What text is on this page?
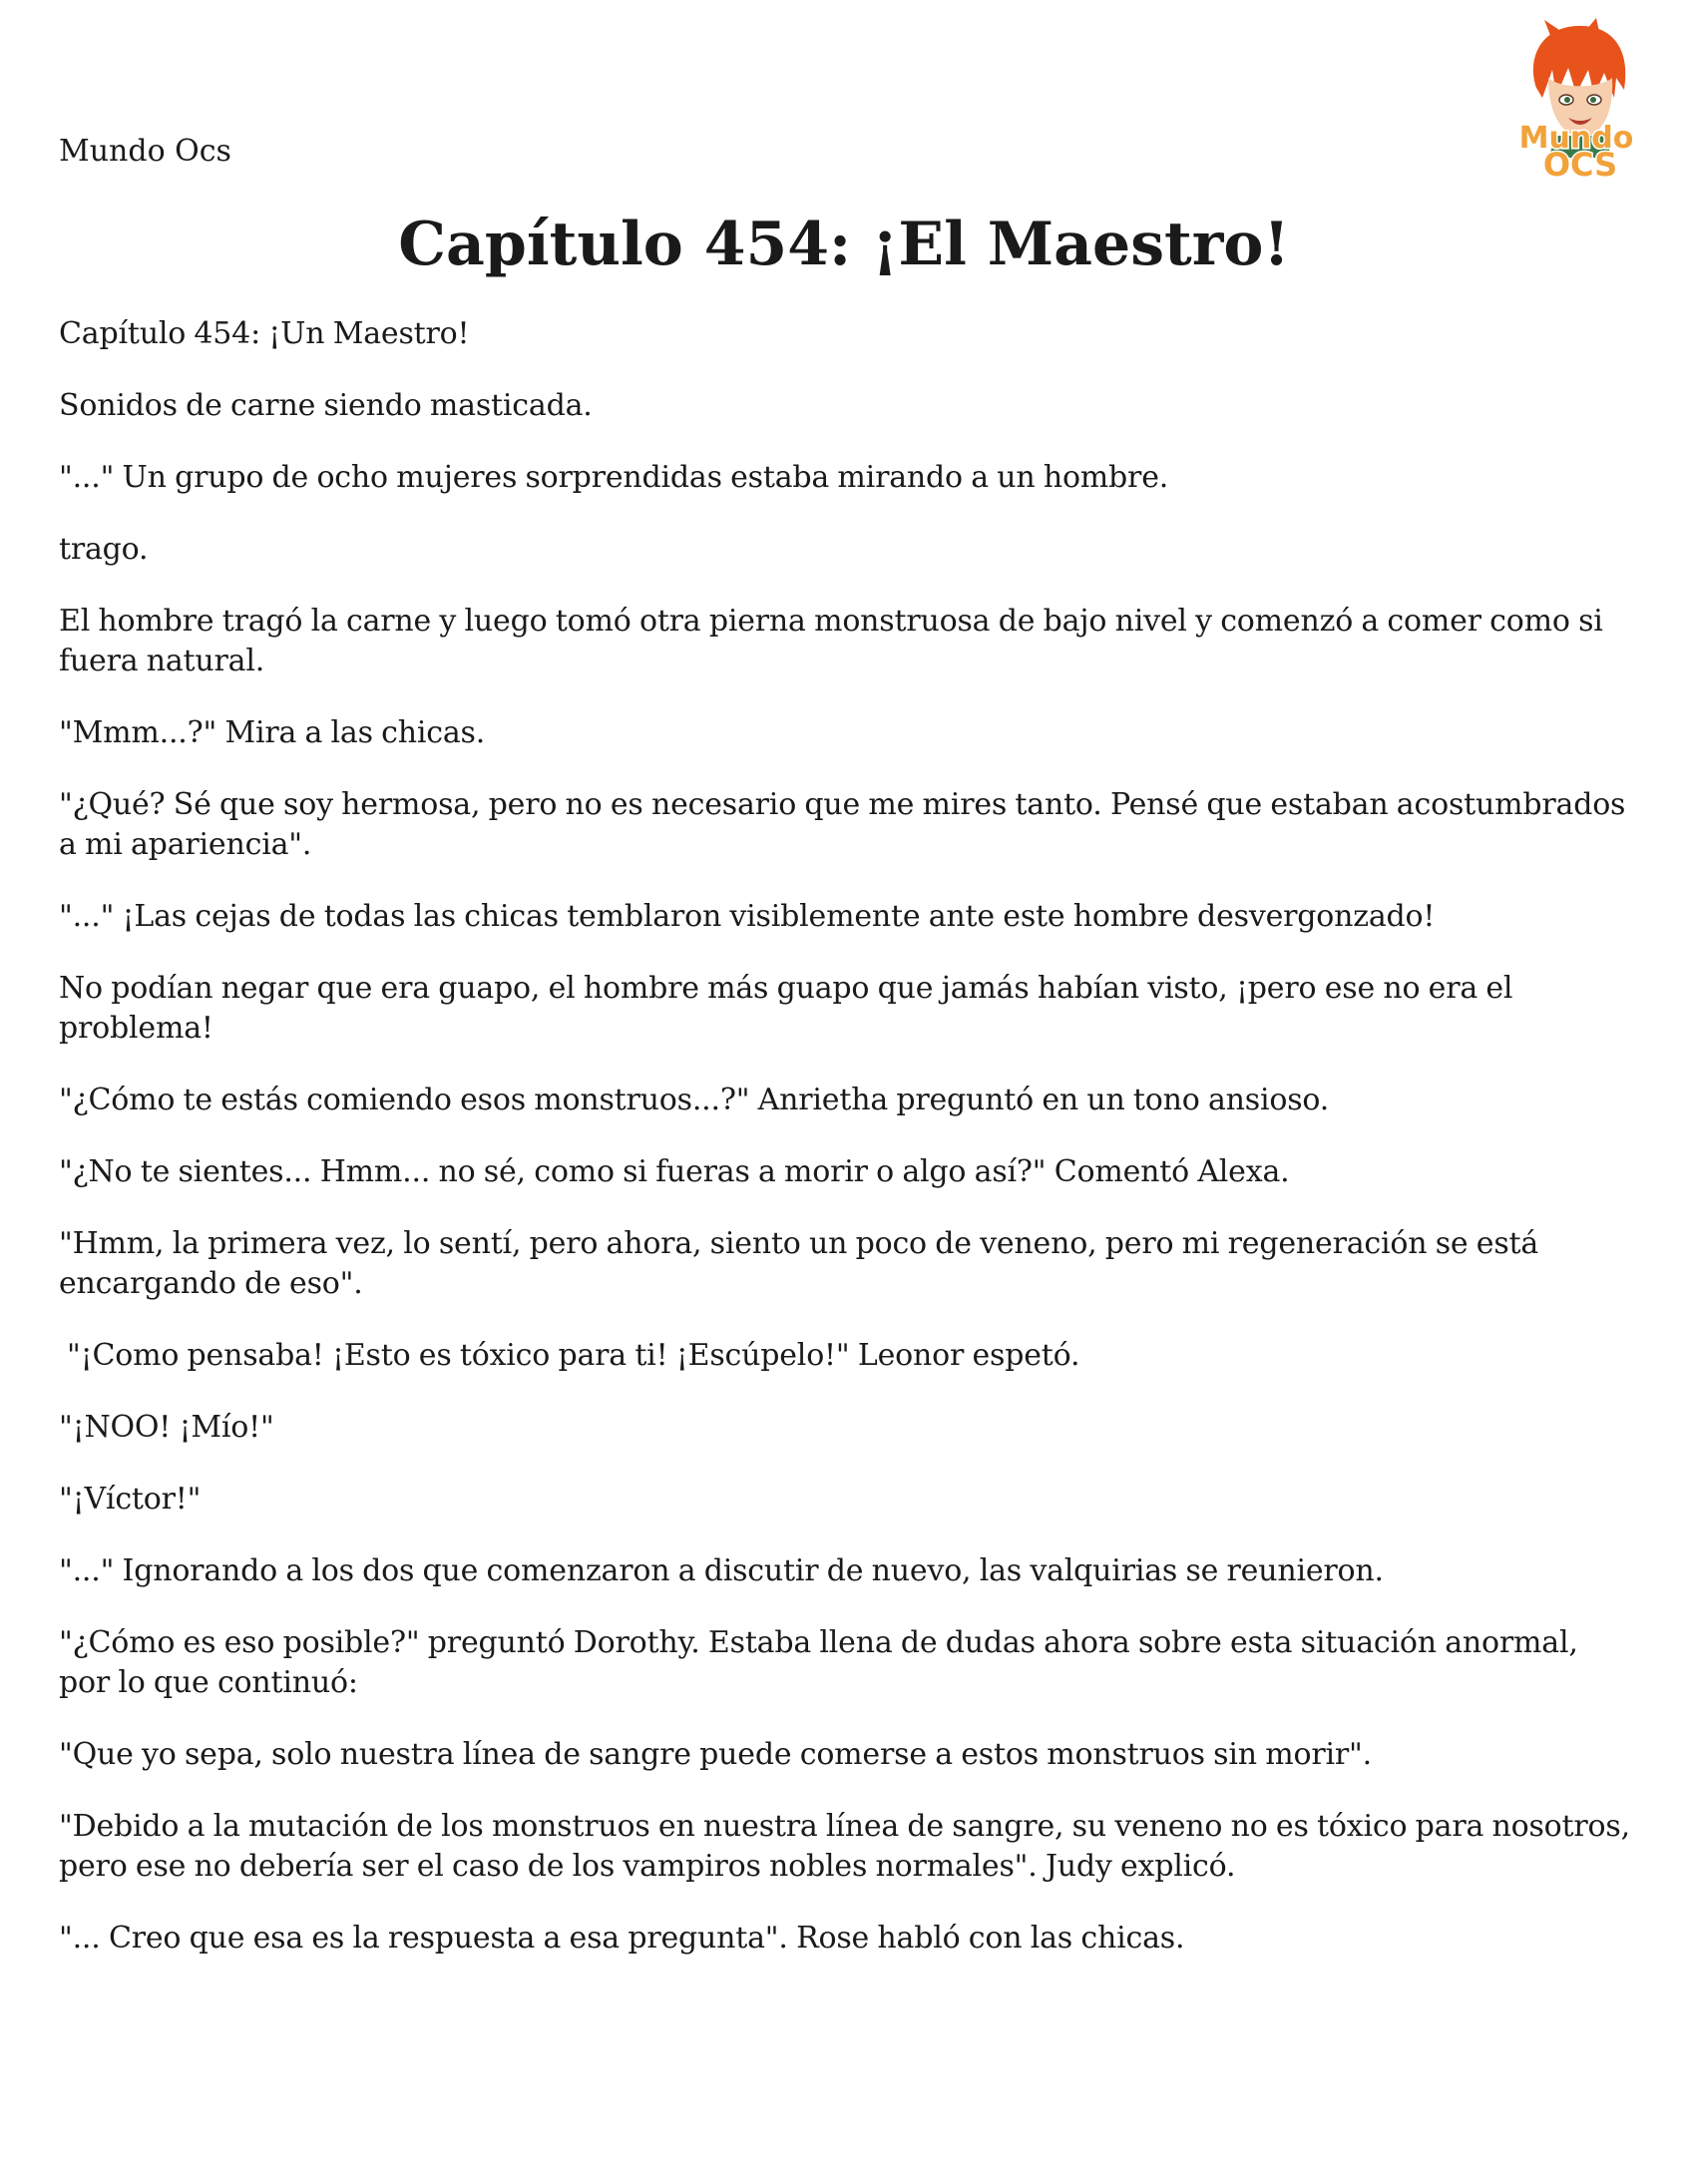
Mundo Ocs	Mundo
OCS
Capítulo 454: ¡El Maestro!

Capítulo 454: ¡Un Maestro!

Sonidos de carne siendo masticada.

"..." Un grupo de ocho mujeres sorprendidas estaba mirando a un hombre.

trago.

El hombre tragó la carne y luego tomó otra pierna monstruosa de bajo nivel y comenzó a comer como si fuera natural.

"Mmm...?" Mira a las chicas.

"¿Qué? Sé que soy hermosa, pero no es necesario que me mires tanto. Pensé que estaban acostumbrados a mi apariencia".

"..." ¡Las cejas de todas las chicas temblaron visiblemente ante este hombre desvergonzado!

No podían negar que era guapo, el hombre más guapo que jamás habían visto, ¡pero ese no era el problema!

"¿Cómo te estás comiendo esos monstruos...?" Anrietha preguntó en un tono ansioso.

"¿No te sientes... Hmm... no sé, como si fueras a morir o algo así?" Comentó Alexa.

"Hmm, la primera vez, lo sentí, pero ahora, siento un poco de veneno, pero mi regeneración se está encargando de eso".

"¡Como pensaba! ¡Esto es tóxico para ti! ¡Escúpelo!" Leonor espetó.

"¡NOO! ¡Mío!"

"¡Víctor!"

"..." Ignorando a los dos que comenzaron a discutir de nuevo, las valquirias se reunieron.

"¿Cómo es eso posible?" preguntó Dorothy. Estaba llena de dudas ahora sobre esta situación anormal, por lo que continuó:

"Que yo sepa, solo nuestra línea de sangre puede comerse a estos monstruos sin morir".

"Debido a la mutación de los monstruos en nuestra línea de sangre, su veneno no es tóxico para nosotros, pero ese no debería ser el caso de los vampiros nobles normales". Judy explicó.

"... Creo que esa es la respuesta a esa pregunta". Rose habló con las chicas.
